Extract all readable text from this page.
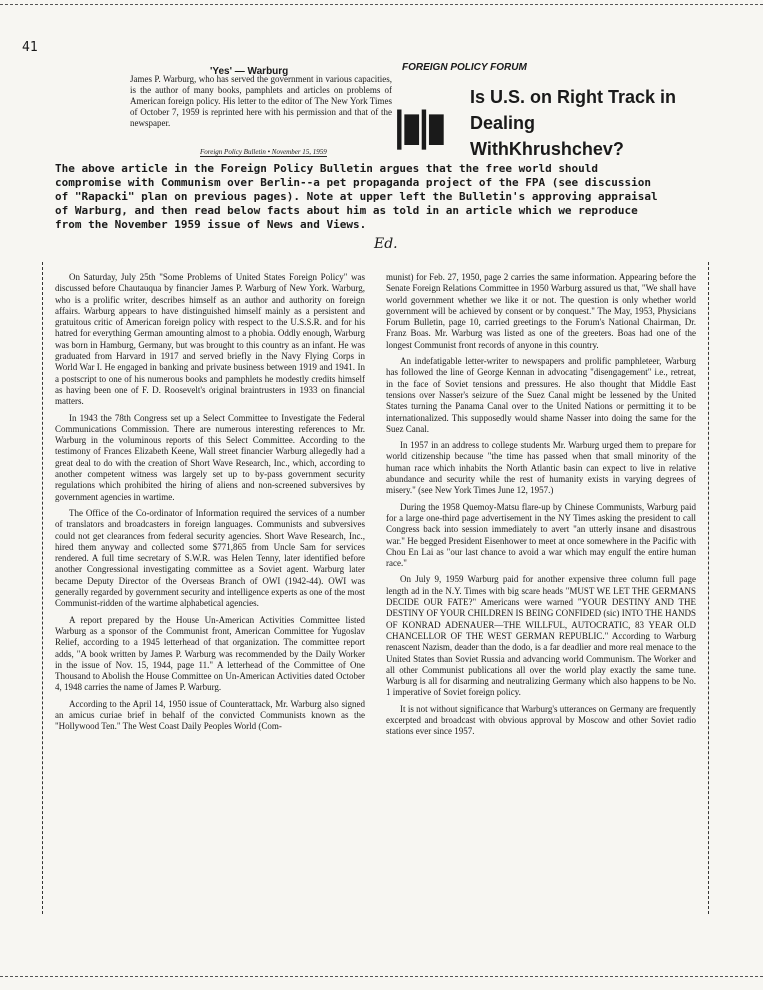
41
'Yes' — Warburg
James P. Warburg, who has served the government in various capacities, is the author of many books, pamphlets and articles on problems of American foreign policy. His letter to the editor of The New York Times of October 7, 1959 is reprinted here with his permission and that of the newspaper.
Foreign Policy Bulletin • November 15, 1959
FOREIGN POLICY FORUM
|▮|▮
Is U.S. on Right Track in Dealing WithKhrushchev?
The above article in the Foreign Policy Bulletin argues that the free world should compromise with Communism over Berlin--a pet propaganda project of the FPA (see discussion of "Rapacki" plan on previous pages). Note at upper left the Bulletin's approving appraisal of Warburg, and then read below facts about him as told in an article which we reproduce from the November 1959 issue of News and Views.
Ed.

On Saturday, July 25th "Some Problems of United States Foreign Policy" was discussed before Chautauqua by financier James P. Warburg of New York. Warburg, who is a prolific writer, describes himself as an author and authority on foreign affairs. Warburg appears to have distinguished himself mainly as a persistent and gratuitous critic of American foreign policy with respect to the U.S.S.R. and for his hatred for everything German amounting almost to a phobia. Oddly enough, Warburg was born in Hamburg, Germany, but was brought to this country as an infant. He was graduated from Harvard in 1917 and served briefly in the Navy Flying Corps in World War I. He engaged in banking and private business between 1919 and 1941. In a postscript to one of his numerous books and pamphlets he modestly credits himself as having been one of F. D. Roosevelt's original braintrusters in 1933 on financial matters.

In 1943 the 78th Congress set up a Select Committee to Investigate the Federal Communications Commission. There are numerous interesting references to Mr. Warburg in the voluminous reports of this Select Committee. According to the testimony of Frances Elizabeth Keene, Wall street financier Warburg allegedly had a great deal to do with the creation of Short Wave Research, Inc., which, according to another competent witness was largely set up to by-pass government security regulations which prohibited the hiring of aliens and non-screened subversives by government agencies in wartime.

The Office of the Co-ordinator of Information required the services of a number of translators and broadcasters in foreign languages. Communists and subversives could not get clearances from federal security agencies. Short Wave Research, Inc., hired them anyway and collected some $771,865 from Uncle Sam for services rendered. A full time secretary of S.W.R. was Helen Tenny, later identified before another Congressional investigating committee as a Soviet agent. Warburg later became Deputy Director of the Overseas Branch of OWI (1942-44). OWI was generally regarded by government security and intelligence experts as one of the most Communist-ridden of the wartime alphabetical agencies.

A report prepared by the House Un-American Activities Committee listed Warburg as a sponsor of the Communist front, American Committee for Yugoslav Relief, according to a 1945 letterhead of that organization. The committee report adds, "A book written by James P. Warburg was recommended by the Daily Worker in the issue of Nov. 15, 1944, page 11." A letterhead of the Committee of One Thousand to Abolish the House Committee on Un-American Activities dated October 4, 1948 carries the name of James P. Warburg.

According to the April 14, 1950 issue of Counterattack, Mr. Warburg also signed an amicus curiae brief in behalf of the convicted Communists known as the "Hollywood Ten." The West Coast Daily Peoples World (Com-

munist) for Feb. 27, 1950, page 2 carries the same information. Appearing before the Senate Foreign Relations Committee in 1950 Warburg assured us that, "We shall have world government whether we like it or not. The question is only whether world government will be achieved by consent or by conquest." The May, 1953, Physicians Forum Bulletin, page 10, carried greetings to the Forum's National Chairman, Dr. Franz Boas. Mr. Warburg was listed as one of the greeters. Boas had one of the longest Communist front records of anyone in this country.

An indefatigable letter-writer to newspapers and prolific pamphleteer, Warburg has followed the line of George Kennan in advocating "disengagement" i.e., retreat, in the face of Soviet tensions and pressures. He also thought that Middle East tensions over Nasser's seizure of the Suez Canal might be lessened by the United States turning the Panama Canal over to the United Nations or permitting it to be internationalized. This supposedly would shame Nasser into doing the same for the Suez Canal.

In 1957 in an address to college students Mr. Warburg urged them to prepare for world citizenship because "the time has passed when that small minority of the human race which inhabits the North Atlantic basin can expect to live in relative abundance and security while the rest of humanity exists in varying degrees of misery." (see New York Times June 12, 1957.)

During the 1958 Quemoy-Matsu flare-up by Chinese Communists, Warburg paid for a large one-third page advertisement in the NY Times asking the president to call Congress back into session immediately to avert "an utterly insane and disastrous war." He begged President Eisenhower to meet at once somewhere in the Pacific with Chou En Lai as "our last chance to avoid a war which may engulf the entire human race."

On July 9, 1959 Warburg paid for another expensive three column full page length ad in the N.Y. Times with big scare heads "MUST WE LET THE GERMANS DECIDE OUR FATE?" Americans were warned "YOUR DESTINY AND THE DESTINY OF YOUR CHILDREN IS BEING CONFIDED (sic) INTO THE HANDS OF KONRAD ADENAUER—THE WILLFUL, AUTOCRATIC, 83 YEAR OLD CHANCELLOR OF THE WEST GERMAN REPUBLIC." According to Warburg renascent Nazism, deader than the dodo, is a far deadlier and more real menace to the United States than Soviet Russia and advancing world Communism. The Worker and all other Communist publications all over the world play exactly the same tune. Warburg is all for disarming and neutralizing Germany which also happens to be No. 1 imperative of Soviet foreign policy.

It is not without significance that Warburg's utterances on Germany are frequently excerpted and broadcast with obvious approval by Moscow and other Soviet radio stations ever since 1957.
